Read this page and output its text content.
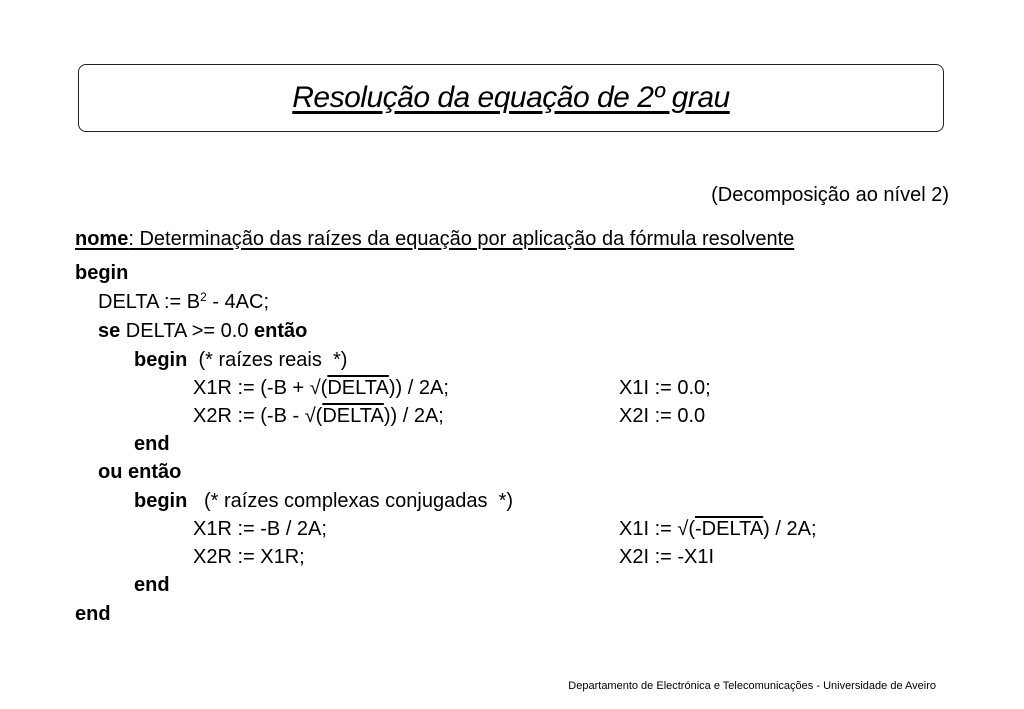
Resolução da equação de 2º grau
(Decomposição ao nível 2)
nome: Determinação das raízes da equação por aplicação da fórmula resolvente
begin
DELTA := $B^2 - 4AC$;
se DELTA >= 0.0 então
begin  (* raízes reais  *)
X1R := (-B + √(DELTA)) / 2A;	X1I := 0.0;
X2R := (-B - √(DELTA)) / 2A;	X2I := 0.0
end
ou então
begin   (* raízes complexas conjugadas  *)
X1R := -B / 2A;	X1I := √(-DELTA) / 2A;
X2R := X1R;	X2I := -X1I
end
end
Departamento de Electrónica e Telecomunicações - Universidade de Aveiro
